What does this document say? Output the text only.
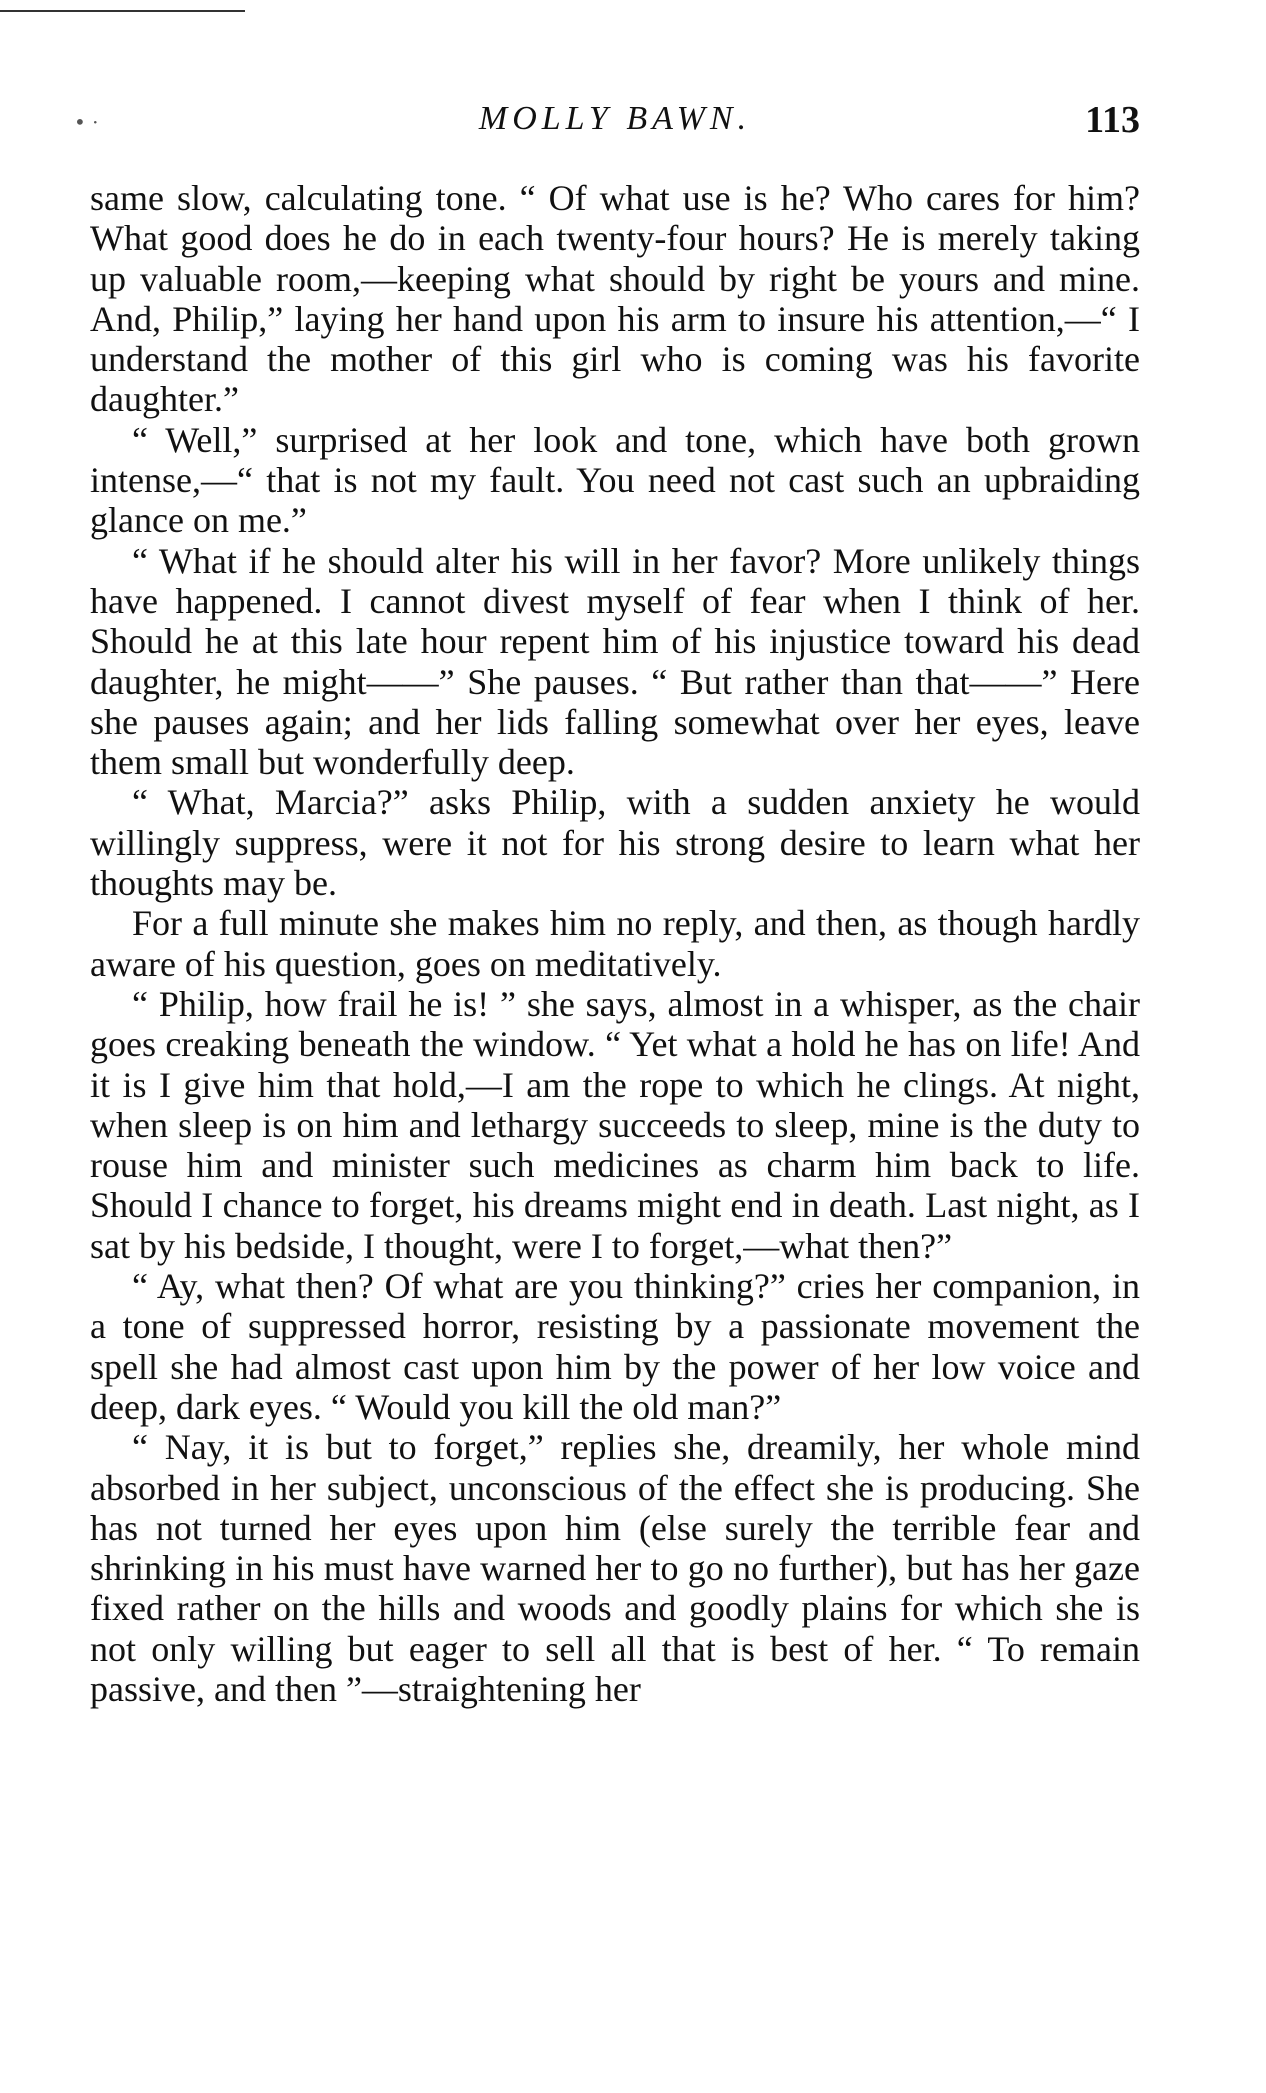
• ·	MOLLY BAWN.	113

same slow, calculating tone. “ Of what use is he? Who cares for him? What good does he do in each twenty-four hours? He is merely taking up valuable room,—keeping what should by right be yours and mine. And, Philip,” laying her hand upon his arm to insure his attention,—“ I understand the mother of this girl who is coming was his favorite daughter.”

“ Well,” surprised at her look and tone, which have both grown intense,—“ that is not my fault. You need not cast such an upbraiding glance on me.”

“ What if he should alter his will in her favor? More unlikely things have happened. I cannot divest myself of fear when I think of her. Should he at this late hour repent him of his injustice toward his dead daughter, he might——” She pauses. “ But rather than that——” Here she pauses again; and her lids falling somewhat over her eyes, leave them small but wonderfully deep.

“ What, Marcia?” asks Philip, with a sudden anxiety he would willingly suppress, were it not for his strong desire to learn what her thoughts may be.

For a full minute she makes him no reply, and then, as though hardly aware of his question, goes on meditatively.

“ Philip, how frail he is! ” she says, almost in a whisper, as the chair goes creaking beneath the window. “ Yet what a hold he has on life! And it is I give him that hold,—I am the rope to which he clings. At night, when sleep is on him and lethargy succeeds to sleep, mine is the duty to rouse him and minister such medicines as charm him back to life. Should I chance to forget, his dreams might end in death. Last night, as I sat by his bedside, I thought, were I to forget,—what then?”

“ Ay, what then? Of what are you thinking?” cries her companion, in a tone of suppressed horror, resisting by a passionate movement the spell she had almost cast upon him by the power of her low voice and deep, dark eyes. “ Would you kill the old man?”

“ Nay, it is but to forget,” replies she, dreamily, her whole mind absorbed in her subject, unconscious of the effect she is producing. She has not turned her eyes upon him (else surely the terrible fear and shrinking in his must have warned her to go no further), but has her gaze fixed rather on the hills and woods and goodly plains for which she is not only willing but eager to sell all that is best of her. “ To remain passive, and then ”—straightening her
